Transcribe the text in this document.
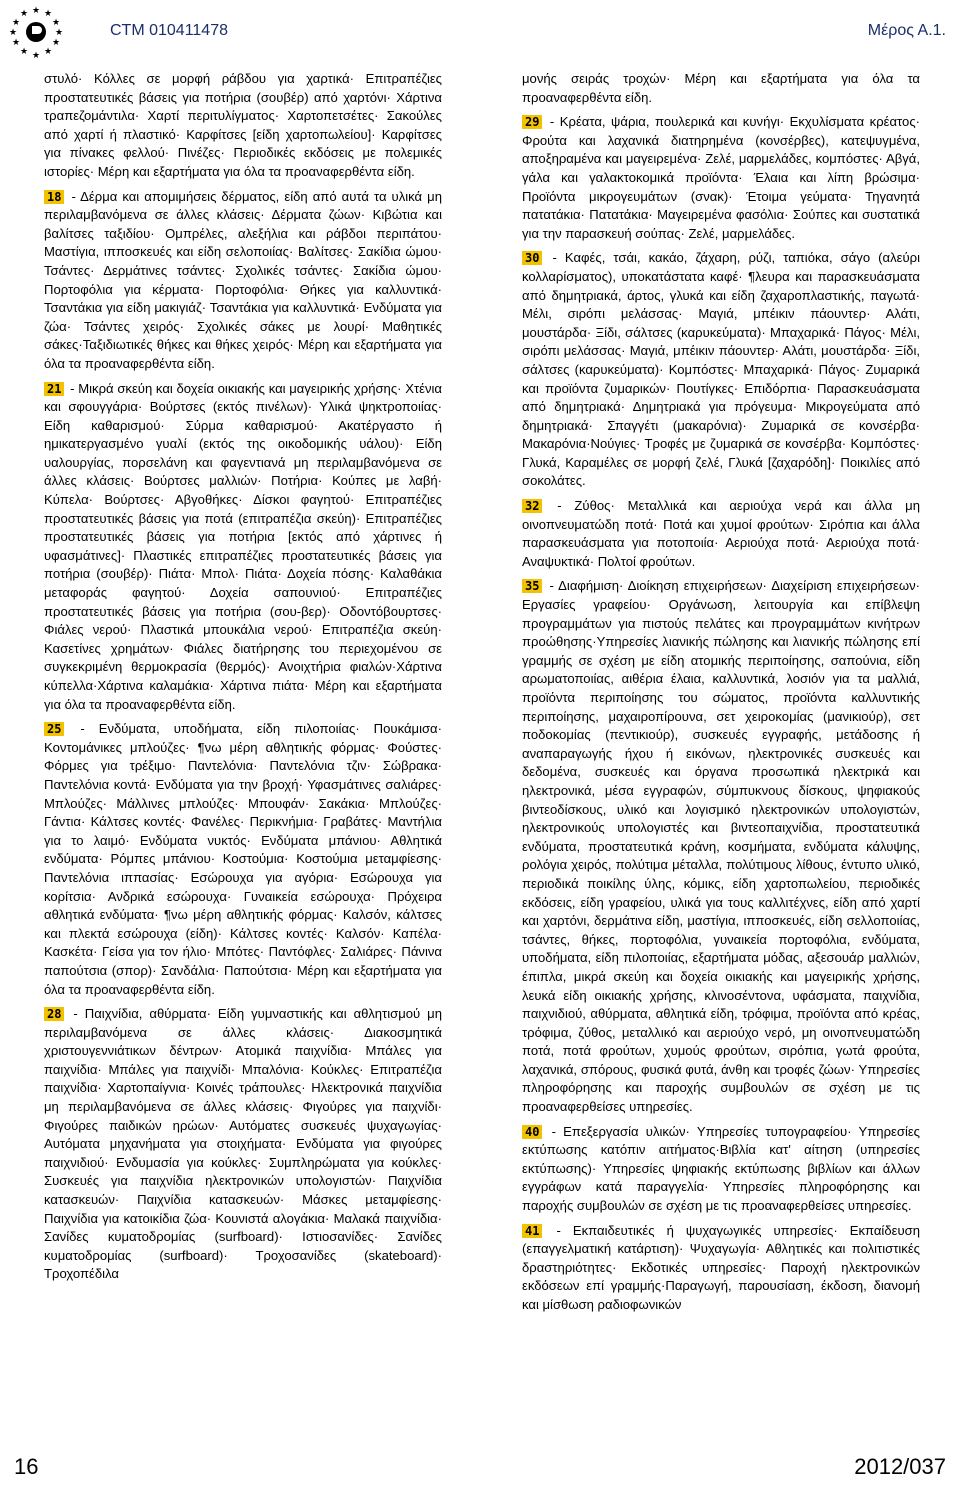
★ ★
★
★
★
★
★
★
★
★
★
★
CTM 010411478	Μέρος Α.1.

στυλό· Κόλλες σε μορφή ράβδου για χαρτικά· Επιτραπέζιες προστατευτικές βάσεις για ποτήρια (σουβέρ) από χαρτόνι· Χάρτινα τραπεζομάντιλα· Χαρτί περιτυλίγματος· Χαρτοπετσέτες· Σακούλες από χαρτί ή πλαστικό· Καρφίτσες [είδη χαρτοπωλείου]· Καρφίτσες για πίνακες φελλού· Πινέζες· Περιοδικές εκδόσεις με πολεμικές ιστορίες· Μέρη και εξαρτήματα για όλα τα προαναφερθέντα είδη.

18 - Δέρμα και απομιμήσεις δέρματος, είδη από αυτά τα υλικά μη περιλαμβανόμενα σε άλλες κλάσεις· Δέρματα ζώων· Κιβώτια και βαλίτσες ταξιδίου· Ομπρέλες, αλεξήλια και ράβδοι περιπάτου· Μαστίγια, ιπποσκευές και είδη σελοποιίας· Βαλίτσες· Σακίδια ώμου· Τσάντες· Δερμάτινες τσάντες· Σχολικές τσάντες· Σακίδια ώμου· Πορτοφόλια για κέρματα· Πορτοφόλια· Θήκες για καλλυντικά· Τσαντάκια για είδη μακιγιάζ· Τσαντάκια για καλλυντικά· Ενδύματα για ζώα· Τσάντες χειρός· Σχολικές σάκες με λουρί· Μαθητικές σάκες·Ταξιδιωτικές θήκες και θήκες χειρός· Μέρη και εξαρτήματα για όλα τα προαναφερθέντα είδη.

21 - Μικρά σκεύη και δοχεία οικιακής και μαγειρικής χρήσης· Χτένια και σφουγγάρια· Βούρτσες (εκτός πινέλων)· Υλικά ψηκτροποιίας· Είδη καθαρισμού· Σύρμα καθαρισμού· Ακατέργαστο ή ημικατεργασμένο γυαλί (εκτός της οικοδομικής υάλου)· Είδη υαλουργίας, πορσελάνη και φαγεντιανά μη περιλαμβανόμενα σε άλλες κλάσεις· Βούρτσες μαλλιών· Ποτήρια· Κούπες με λαβή· Κύπελα· Βούρτσες· Αβγοθήκες· Δίσκοι φαγητού· Επιτραπέζιες προστατευτικές βάσεις για ποτά (επιτραπέζια σκεύη)· Επιτραπέζιες προστατευτικές βάσεις για ποτήρια [εκτός από χάρτινες ή υφασμάτινες]· Πλαστικές επιτραπέζιες προστατευτικές βάσεις για ποτήρια (σουβέρ)· Πιάτα· Μπολ· Πιάτα· Δοχεία πόσης· Καλαθάκια μεταφοράς φαγητού· Δοχεία σαπουνιού· Επιτραπέζιες προστατευτικές βάσεις για ποτήρια (σου-βερ)· Οδοντόβουρτσες· Φιάλες νερού· Πλαστικά μπουκάλια νερού· Επιτραπέζια σκεύη· Κασετίνες χρημάτων· Φιάλες διατήρησης του περιεχομένου σε συγκεκριμένη θερμοκρασία (θερμός)· Ανοιχτήρια φιαλών·Χάρτινα κύπελλα·Χάρτινα καλαμάκια· Χάρτινα πιάτα· Μέρη και εξαρτήματα για όλα τα προαναφερθέντα είδη.

25 - Ενδύματα, υποδήματα, είδη πιλοποιίας· Πουκάμισα· Κοντομάνικες μπλούζες· ¶νω μέρη αθλητικής φόρμας· Φούστες· Φόρμες για τρέξιμο· Παντελόνια· Παντελόνια τζιν· Σώβρακα· Παντελόνια κοντά· Ενδύματα για την βροχή· Υφασμάτινες σαλιάρες· Μπλούζες· Μάλλινες μπλούζες· Μπουφάν· Σακάκια· Μπλούζες· Γάντια· Κάλτσες κοντές· Φανέλες· Περικνήμια· Γραβάτες· Μαντήλια για το λαιμό· Ενδύματα νυκτός· Ενδύματα μπάνιου· Αθλητικά ενδύματα· Ρόμπες μπάνιου· Κοστούμια· Κοστούμια μεταμφίεσης· Παντελόνια ιππασίας· Εσώρουχα για αγόρια· Εσώρουχα για κορίτσια· Ανδρικά εσώρουχα· Γυναικεία εσώρουχα· Πρόχειρα αθλητικά ενδύματα· ¶νω μέρη αθλητικής φόρμας· Καλσόν, κάλτσες και πλεκτά εσώρουχα (είδη)· Κάλτσες κοντές· Καλσόν· Καπέλα· Κασκέτα· Γείσα για τον ήλιο· Μπότες· Παντόφλες· Σαλιάρες· Πάνινα παπούτσια (σπορ)· Σανδάλια· Παπούτσια· Μέρη και εξαρτήματα για όλα τα προαναφερθέντα είδη.

28 - Παιχνίδια, αθύρματα· Είδη γυμναστικής και αθλητισμού μη περιλαμβανόμενα σε άλλες κλάσεις· Διακοσμητικά χριστουγεννιάτικων δέντρων· Ατομικά παιχνίδια· Μπάλες για παιχνίδια· Μπάλες για παιχνίδι· Μπαλόνια· Κούκλες· Επιτραπέζια παιχνίδια· Χαρτοπαίγνια· Κοινές τράπουλες· Ηλεκτρονικά παιχνίδια μη περιλαμβανόμενα σε άλλες κλάσεις· Φιγούρες για παιχνίδι· Φιγούρες παιδικών ηρώων· Αυτόματες συσκευές ψυχαγωγίας· Αυτόματα μηχανήματα για στοιχήματα· Ενδύματα για φιγούρες παιχνιδιού· Ενδυμασία για κούκλες· Συμπληρώματα για κούκλες· Συσκευές για παιχνίδια ηλεκτρονικών υπολογιστών· Παιχνίδια κατασκευών· Παιχνίδια κατασκευών· Μάσκες μεταμφίεσης· Παιχνίδια για κατοικίδια ζώα· Κουνιστά αλογάκια· Μαλακά παιχνίδια· Σανίδες κυματοδρομίας (surfboard)· Ιστιοσανίδες· Σανίδες κυματοδρομίας (surfboard)· Τροχοσανίδες (skateboard)· Τροχοπέδιλα

μονής σειράς τροχών· Μέρη και εξαρτήματα για όλα τα προαναφερθέντα είδη.

29 - Κρέατα, ψάρια, πουλερικά και κυνήγι· Εκχυλίσματα κρέατος· Φρούτα και λαχανικά διατηρημένα (κονσέρβες), κατεψυγμένα, αποξηραμένα και μαγειρεμένα· Ζελέ, μαρμελάδες, κομπόστες· Αβγά, γάλα και γαλακτοκομικά προϊόντα· Έλαια και λίπη βρώσιμα· Προϊόντα μικρογευμάτων (σνακ)· Έτοιμα γεύματα· Τηγανητά πατατάκια· Πατατάκια· Μαγειρεμένα φασόλια· Σούπες και συστατικά για την παρασκευή σούπας· Ζελέ, μαρμελάδες.

30 - Καφές, τσάι, κακάο, ζάχαρη, ρύζι, ταπιόκα, σάγο (αλεύρι κολλαρίσματος), υποκατάστατα καφέ· ¶λευρα και παρασκευάσματα από δημητριακά, άρτος, γλυκά και είδη ζαχαροπλαστικής, παγωτά· Μέλι, σιρόπι μελάσσας· Μαγιά, μπέικιν πάουντερ· Αλάτι, μουστάρδα· Ξίδι, σάλτσες (καρυκεύματα)· Μπαχαρικά· Πάγος· Μέλι, σιρόπι μελάσσας· Μαγιά, μπέικιν πάουντερ· Αλάτι, μουστάρδα· Ξίδι, σάλτσες (καρυκεύματα)· Κομπόστες· Μπαχαρικά· Πάγος· Ζυμαρικά και προϊόντα ζυμαρικών· Πουτίγκες· Επιδόρπια· Παρασκευάσματα από δημητριακά· Δημητριακά για πρόγευμα· Μικρογεύματα από δημητριακά· Σπαγγέτι (μακαρόνια)· Ζυμαρικά σε κονσέρβα· Μακαρόνια·Νούγιες· Τροφές με ζυμαρικά σε κονσέρβα· Κομπόστες· Γλυκά, Καραμέλες σε μορφή ζελέ, Γλυκά [ζαχαρόδη]· Ποικιλίες από σοκολάτες.

32 - Ζύθος· Μεταλλικά και αεριούχα νερά και άλλα μη οινοπνευματώδη ποτά· Ποτά και χυμοί φρούτων· Σιρόπια και άλλα παρασκευάσματα για ποτοποιία· Αεριούχα ποτά· Αεριούχα ποτά· Αναψυκτικά· Πολτοί φρούτων.

35 - Διαφήμιση· Διοίκηση επιχειρήσεων· Διαχείριση επιχειρήσεων· Εργασίες γραφείου· Οργάνωση, λειτουργία και επίβλεψη προγραμμάτων για πιστούς πελάτες και προγραμμάτων κινήτρων προώθησης·Υπηρεσίες λιανικής πώλησης και λιανικής πώλησης επί γραμμής σε σχέση με είδη ατομικής περιποίησης, σαπούνια, είδη αρωματοποιίας, αιθέρια έλαια, καλλυντικά, λοσιόν για τα μαλλιά, προϊόντα περιποίησης του σώματος, προϊόντα καλλυντικής περιποίησης, μαχαιροπίρουνα, σετ χειροκομίας (μανικιούρ), σετ ποδοκομίας (πεντικιούρ), συσκευές εγγραφής, μετάδοσης ή αναπαραγωγής ήχου ή εικόνων, ηλεκτρονικές συσκευές και δεδομένα, συσκευές και όργανα προσωπικά ηλεκτρικά και ηλεκτρονικά, μέσα εγγραφών, σύμπυκνους δίσκους, ψηφιακούς βιντεοδίσκους, υλικό και λογισμικό ηλεκτρονικών υπολογιστών, ηλεκτρονικούς υπολογιστές και βιντεοπαιχνίδια, προστατευτικά ενδύματα, προστατευτικά κράνη, κοσμήματα, ενδύματα κάλυψης, ρολόγια χειρός, πολύτιμα μέταλλα, πολύτιμους λίθους, έντυπο υλικό, περιοδικά ποικίλης ύλης, κόμικς, είδη χαρτοπωλείου, περιοδικές εκδόσεις, είδη γραφείου, υλικά για τους καλλιτέχνες, είδη από χαρτί και χαρτόνι, δερμάτινα είδη, μαστίγια, ιπποσκευές, είδη σελλοποιίας, τσάντες, θήκες, πορτοφόλια, γυναικεία πορτοφόλια, ενδύματα, υποδήματα, είδη πιλοποιίας, εξαρτήματα μόδας, αξεσουάρ μαλλιών, έπιπλα, μικρά σκεύη και δοχεία οικιακής και μαγειρικής χρήσης, λευκά είδη οικιακής χρήσης, κλινοσέντονα, υφάσματα, παιχνίδια, παιχνιδιού, αθύρματα, αθλητικά είδη, τρόφιμα, προϊόντα από κρέας, τρόφιμα, ζύθος, μεταλλικό και αεριούχο νερό, μη οινοπνευματώδη ποτά, ποτά φρούτων, χυμούς φρούτων, σιρόπια, γωτά φρούτα, λαχανικά, σπόρους, φυσικά φυτά, άνθη και τροφές ζώων· Υπηρεσίες πληροφόρησης και παροχής συμβουλών σε σχέση με τις προαναφερθείσες υπηρεσίες.

40 - Επεξεργασία υλικών· Υπηρεσίες τυπογραφείου· Υπηρεσίες εκτύπωσης κατόπιν αιτήματος·Βιβλία κατ' αίτηση (υπηρεσίες εκτύπωσης)· Υπηρεσίες ψηφιακής εκτύπωσης βιβλίων και άλλων εγγράφων κατά παραγγελία· Υπηρεσίες πληροφόρησης και παροχής συμβουλών σε σχέση με τις προαναφερθείσες υπηρεσίες.

41 - Εκπαιδευτικές ή ψυχαγωγικές υπηρεσίες· Εκπαίδευση (επαγγελματική κατάρτιση)· Ψυχαγωγία· Αθλητικές και πολιτιστικές δραστηριότητες· Εκδοτικές υπηρεσίες· Παροχή ηλεκτρονικών εκδόσεων επί γραμμής·Παραγωγή, παρουσίαση, έκδοση, διανομή και μίσθωση ραδιοφωνικών

16	2012/037
